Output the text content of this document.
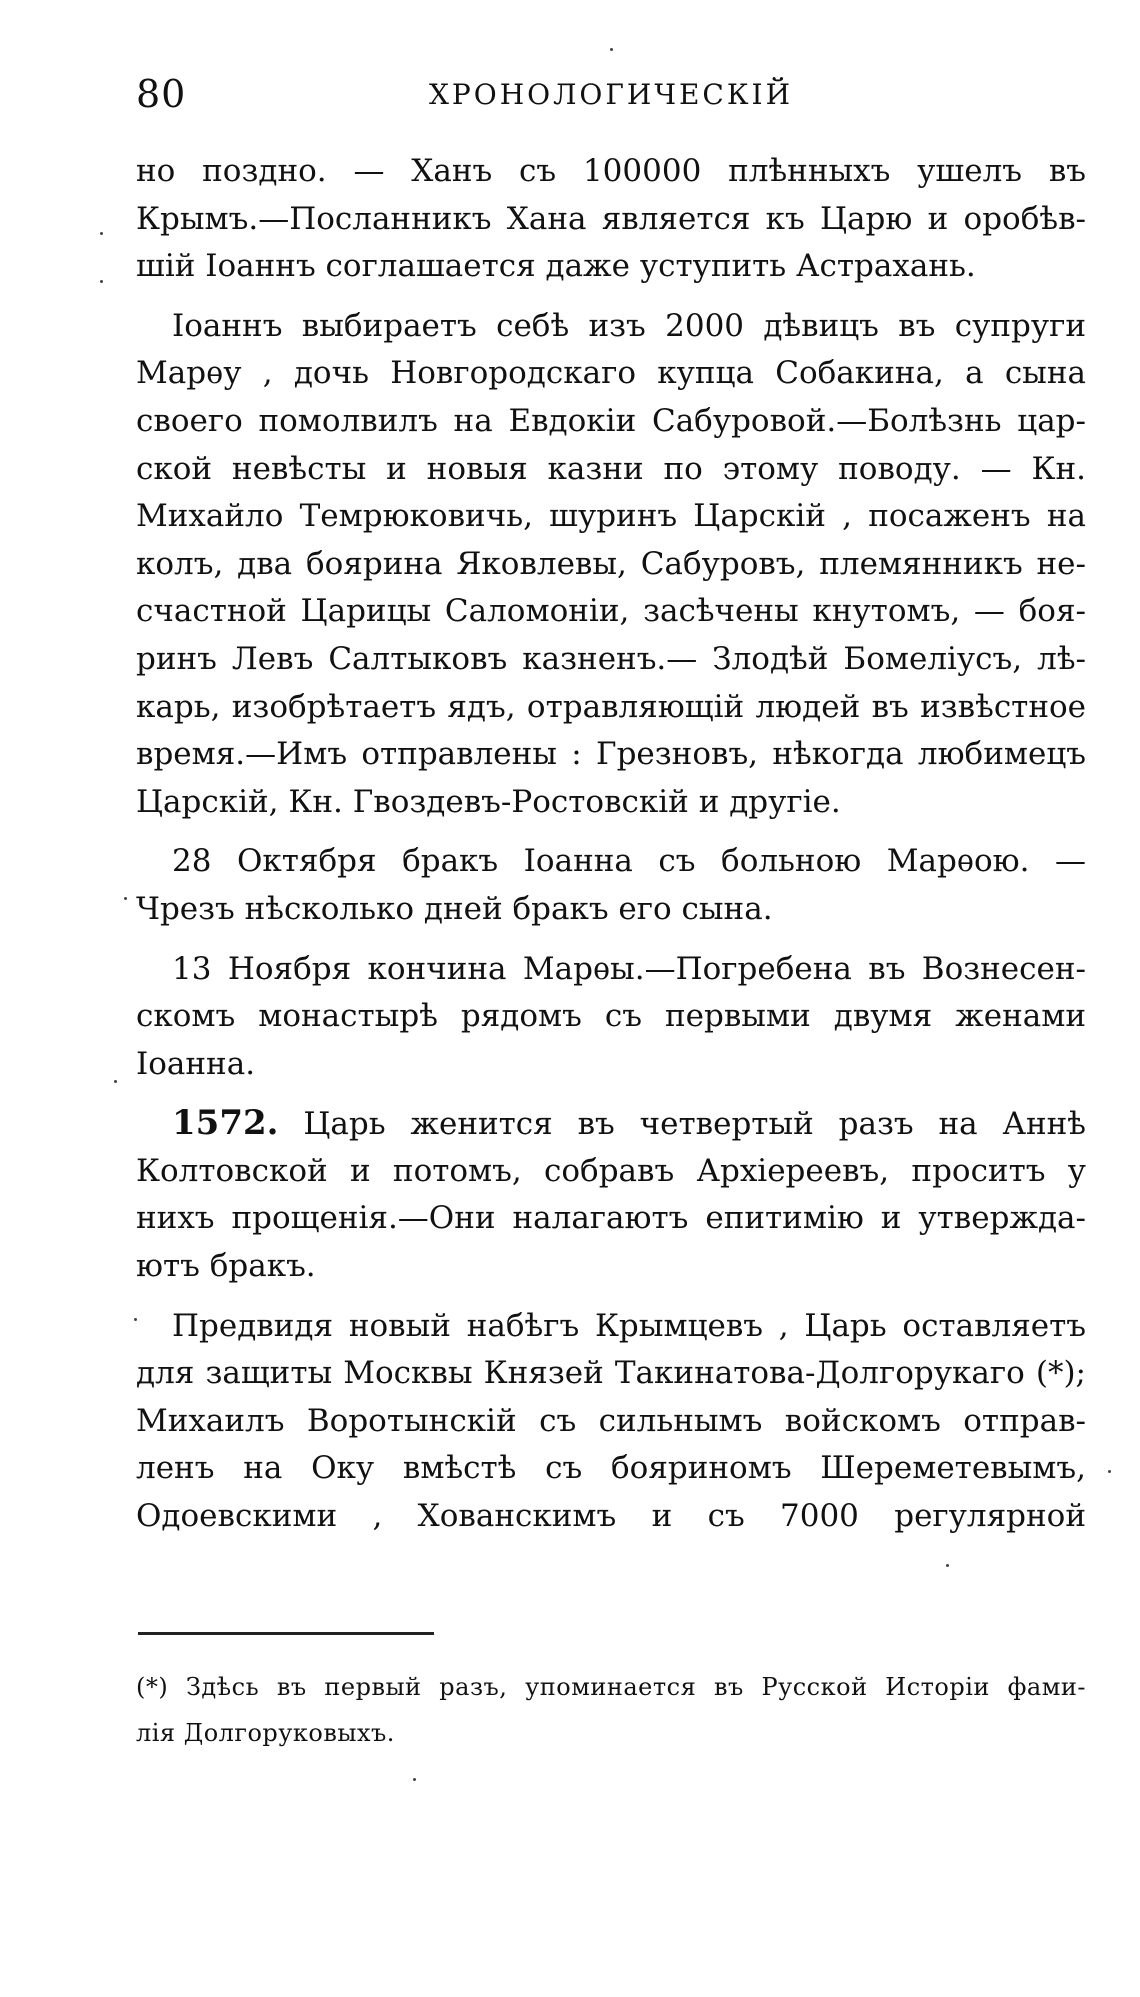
80	ХРОНОЛОГИЧЕСКІЙ
но поздно. — Ханъ съ 100000 плѣнныхъ ушелъ въ
Крымъ.—Посланникъ Хана является къ Царю и оробѣв-
шій Іоаннъ соглашается даже уступить Астрахань.
Іоаннъ выбираетъ себѣ изъ 2000 дѣвицъ въ супруги
Марѳу , дочь Новгородскаго купца Собакина, а сына
своего помолвилъ на Евдокіи Сабуровой.—Болѣзнь цар-
ской невѣсты и новыя казни по этому поводу. — Кн.
Михайло Темрюковичь, шуринъ Царскій , посаженъ на
колъ, два боярина Яковлевы, Сабуровъ, племянникъ не-
счастной Царицы Саломоніи, засѣчены кнутомъ, — боя-
ринъ Левъ Салтыковъ казненъ.— Злодѣй Бомеліусъ, лѣ-
карь, изобрѣтаетъ ядъ, отравляющій людей въ извѣстное
время.—Имъ отправлены : Грезновъ, нѣкогда любимецъ
Царскій, Кн. Гвоздевъ-Ростовскій и другіе.
28 Октября бракъ Іоанна съ больною Марѳою. —
Чрезъ нѣсколько дней бракъ его сына.
13 Ноября кончина Марѳы.—Погребена въ Вознесен-
скомъ монастырѣ рядомъ съ первыми двумя женами
Іоанна.
1572. Царь женится въ четвертый разъ на Аннѣ
Колтовской и потомъ, собравъ Архіереевъ, проситъ у
нихъ прощенія.—Они налагаютъ епитимію и утвержда-
ютъ бракъ.
Предвидя новый набѣгъ Крымцевъ , Царь оставляетъ
для защиты Москвы Князей Такинатова-Долгорукаго (*);
Михаилъ Воротынскій съ сильнымъ войскомъ отправ-
ленъ на Оку вмѣстѣ съ бояриномъ Шереметевымъ,
Одоевскими , Хованскимъ и съ 7000 регулярной
(*) Здѣсь въ первый разъ, упоминается въ Русской Исторіи фами-
лія Долгоруковыхъ.
